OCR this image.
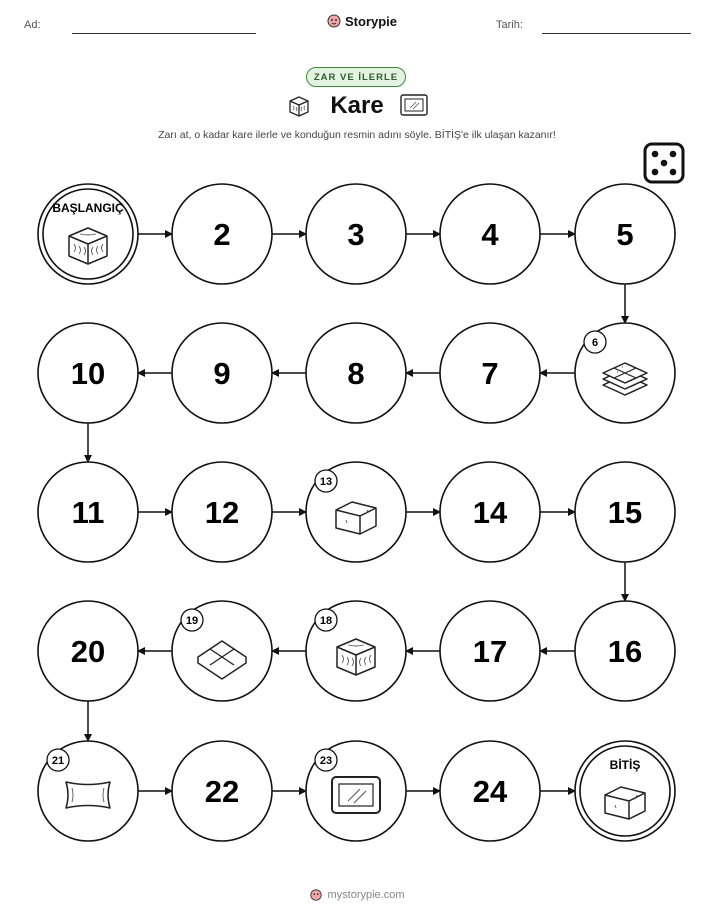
Ad:	Storypie	Tarih:
ZAR VE İLERLE
Kare
Zarı at, o kadar kare ilerle ve konduğun resmin adını söyle. BİTİŞ'e ilk ulaşan kazanır!
BAŞLANGIÇ
2	3	4	5
6
7
8
9
10
11	12
13
14	15
16
17
18
19
20
21
22
23
24
BİTİŞ
mystorypie.com
